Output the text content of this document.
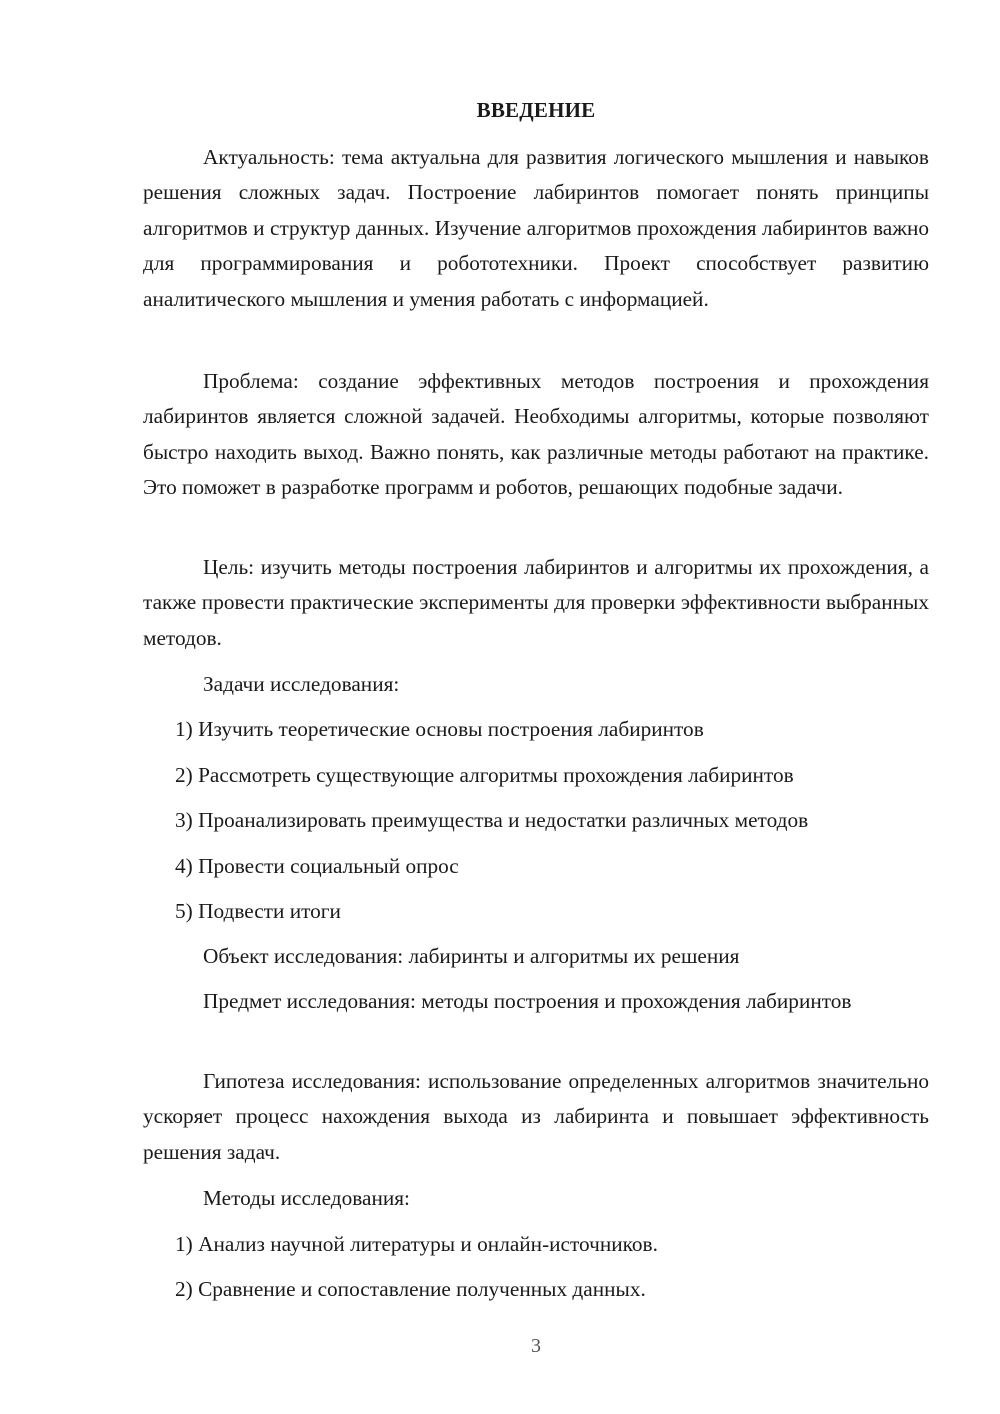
ВВЕДЕНИЕ

Актуальность: тема актуальна для развития логического мышления и навыков решения сложных задач. Построение лабиринтов помогает понять принципы алгоритмов и структур данных. Изучение алгоритмов прохождения лабиринтов важно для программирования и робототехники. Проект способствует развитию аналитического мышления и умения работать с информацией.

Проблема: создание эффективных методов построения и прохождения лабиринтов является сложной задачей. Необходимы алгоритмы, которые позволяют быстро находить выход. Важно понять, как различные методы работают на практике. Это поможет в разработке программ и роботов, решающих подобные задачи.

Цель: изучить методы построения лабиринтов и алгоритмы их прохождения, а также провести практические эксперименты для проверки эффективности выбранных методов.

Задачи исследования:
1) Изучить теоретические основы построения лабиринтов
2) Рассмотреть существующие алгоритмы прохождения лабиринтов
3) Проанализировать преимущества и недостатки различных методов
4) Провести социальный опрос
5) Подвести итоги
Объект исследования: лабиринты и алгоритмы их решения

Предмет исследования: методы построения и прохождения лабиринтов

Гипотеза исследования: использование определенных алгоритмов значительно ускоряет процесс нахождения выхода из лабиринта и повышает эффективность решения задач.

Методы исследования:
1) Анализ научной литературы и онлайн-источников.
2) Сравнение и сопоставление полученных данных.
3
